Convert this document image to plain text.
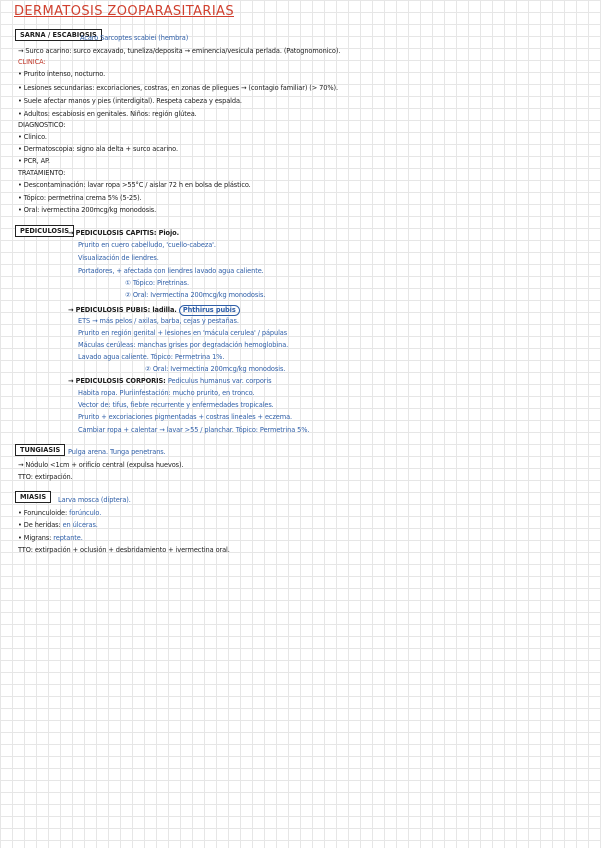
DERMATOSIS ZOOPARASITARIAS
SARNA / ESCABIOSIS
Acaro Sarcoptes scabiei (hembra)
→ Surco acarino: surco excavado, tuneliza/deposita → eminencia/vesicula perlada. (Patognomonico).
CLINICA:
• Prurito intenso, nocturno.
• Lesiones secundarias: excoriaciones, costras, en zonas de pliegues → (contagio familiar) (> 70%).
• Suele afectar manos y pies (interdigital). Respeta cabeza y espalda.
• Adultos: escabiosis en genitales. Niños: región glútea.
DIAGNOSTICO:
• Clinico.
• Dermatoscopia: signo ala delta + surco acarino.
• PCR, AP.
TRATAMIENTO:
• Descontaminación: lavar ropa >55°C / aislar 72 h en bolsa de plástico.
• Tópico: permetrina crema 5% (5-25).
• Oral: ivermectina 200mcg/kg monodosis.
PEDICULOSIS → PEDICULOSIS CAPITIS: Piojo.
Prurito en cuero cabelludo, 'cuello-cabeza'.
Visualización de liendres.
Portadores, + afectada con liendres lavado agua caliente.
① Tópico: Piretrinas.
② Oral: Ivermectina 200mcg/kg monodosis.
→ PEDICULOSIS PUBIS: ladilla. Phthirus pubis
ETS → más pelos / axilas, barba, cejas y pestañas.
Prurito en región genital + lesiones en 'mácula cerulea' / pápulas
Máculas cerúleas: manchas grises por degradación hemoglobina.
Lavado agua caliente. Tópico: Permetrina 1%.
② Oral: Ivermectina 200mcg/kg monodosis.
→ PEDICULOSIS CORPORIS: Pediculus humanus var. corporis
Habita ropa. Pluriinfestación: mucho prurito, en tronco.
Vector de: tifus, fiebre recurrente y enfermedades tropicales.
Prurito + excoriaciones pigmentadas + costras lineales + eczema.
Cambiar ropa + calentar → lavar >55 / planchar. Tópico: Permetrina 5%.
TUNGIASIS	Pulga arena. Tunga penetrans.
→ Nódulo <1cm + orificio central (expulsa huevos).
TTO: extirpación.
MIASIS	Larva mosca (díptera).
• Forunculoide: forúnculo.
• De heridas: en úlceras.
• Migrans: reptante.
TTO: extirpación + oclusión + desbridamiento + ivermectina oral.
